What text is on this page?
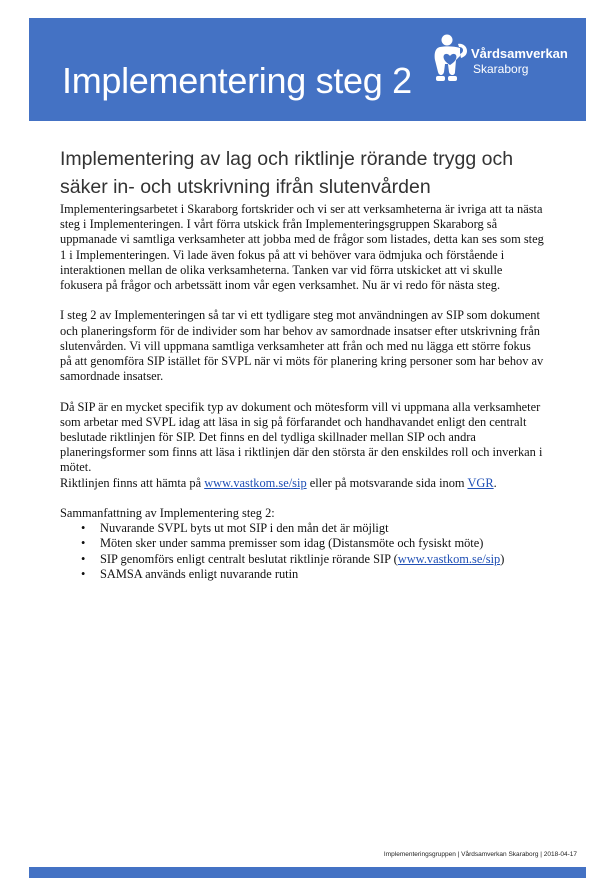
Implementering steg 2
Vårdsamverkan
Skaraborg
Implementering av lag och riktlinje rörande trygg och säker in- och utskrivning ifrån slutenvården

Implementeringsarbetet i Skaraborg fortskrider och vi ser att verksamheterna är ivriga att ta nästa steg i Implementeringen. I vårt förra utskick från Implementeringsgruppen Skaraborg så uppmanade vi samtliga verksamheter att jobba med de frågor som listades, detta kan ses som steg 1 i Implementeringen. Vi lade även fokus på att vi behöver vara ödmjuka och förstående i interaktionen mellan de olika verksamheterna. Tanken var vid förra utskicket att vi skulle fokusera på frågor och arbetssätt inom vår egen verksamhet. Nu är vi redo för nästa steg.

I steg 2 av Implementeringen så tar vi ett tydligare steg mot användningen av SIP som dokument och planeringsform för de individer som har behov av samordnade insatser efter utskrivning från slutenvården. Vi vill uppmana samtliga verksamheter att från och med nu lägga ett större fokus på att genomföra SIP istället för SVPL när vi möts för planering kring personer som har behov av samordnade insatser.

Då SIP är en mycket specifik typ av dokument och mötesform vill vi uppmana alla verksamheter som arbetar med SVPL idag att läsa in sig på förfarandet och handhavandet enligt den centralt beslutade riktlinjen för SIP. Det finns en del tydliga skillnader mellan SIP och andra planeringsformer som finns att läsa i riktlinjen där den största är den enskildes roll och inverkan i mötet.

Riktlinjen finns att hämta på www.vastkom.se/sip eller på motsvarande sida inom VGR.

Sammanfattning av Implementering steg 2:

• Nuvarande SVPL byts ut mot SIP i den mån det är möjligt
• Möten sker under samma premisser som idag (Distansmöte och fysiskt möte)
• SIP genomförs enligt centralt beslutat riktlinje rörande SIP (www.vastkom.se/sip)
• SAMSA används enligt nuvarande rutin
Implementeringsgruppen | Vårdsamverkan Skaraborg | 2018-04-17
